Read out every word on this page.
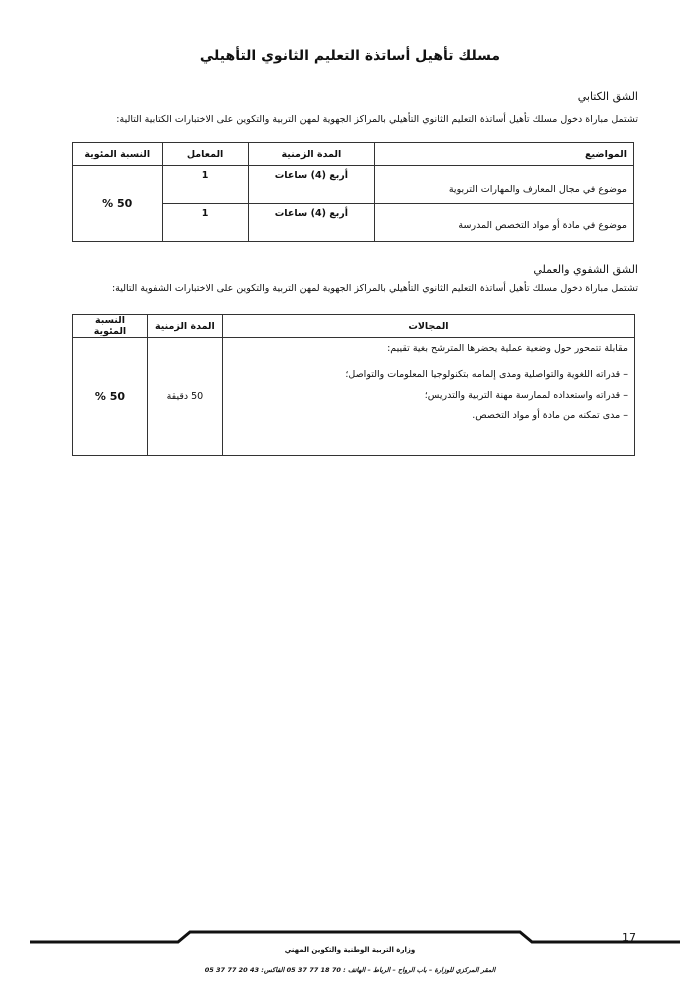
مسلك تأهيل أساتذة التعليم الثانوي التأهيلي
الشق الكتابي
تشتمل مباراة دخول مسلك تأهيل أساتذة التعليم الثانوي التأهيلي بالمراكز الجهوية لمهن التربية والتكوين على الاختبارات الكتابية التالية:
المواضيع	المدة الزمنية	المعامل	النسبة المئوية
موضوع في مجال المعارف والمهارات التربوية	أربع (4) ساعات	1	50 %
موضوع في مادة أو مواد التخصص المدرسة	أربع (4) ساعات	1	
الشق الشفوي والعملي
تشتمل مباراة دخول مسلك تأهيل أساتذة التعليم الثانوي التأهيلي بالمراكز الجهوية لمهن التربية والتكوين على الاختبارات الشفوية التالية:
المجالات	المدة الزمنية	النسبة المئوية

مقابلة تتمحور حول وضعية عملية يحضرها المترشح بغية تقييم:

– قدراته اللغوية والتواصلية ومدى إلمامه بتكنولوجيا المعلومات والتواصل؛

– قدراته واستعداده لممارسة مهنة التربية والتدريس؛

– مدى تمكنه من مادة أو مواد التخصص.	50 دقيقة	50 %
17
وزارة التربية الوطنية والتكوين المهني
المقر المركزي للوزارة – باب الرواح – الرباط – الهاتف : 70 18 77 37 05 الفاكس: 43 20 77 37 05
